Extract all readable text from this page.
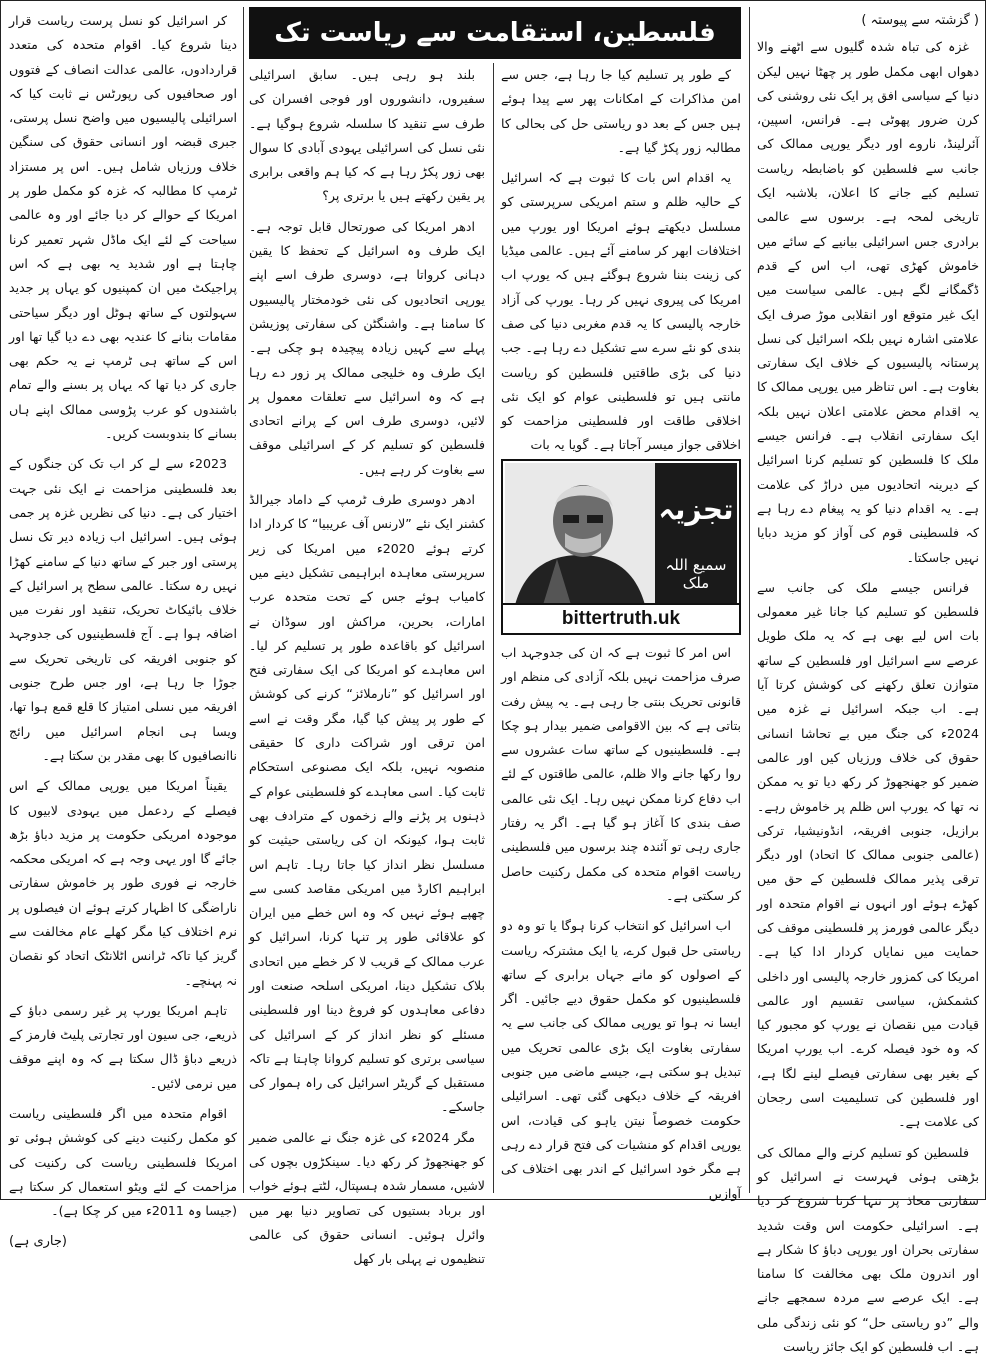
فلسطین، استقامت سے ریاست تک	( گزشتہ سے پیوستہ )

غزہ کی تباہ شدہ گلیوں سے اٹھنے والا دھواں ابھی مکمل طور پر چھٹا نہیں لیکن دنیا کے سیاسی افق پر ایک نئی روشنی کی کرن ضرور پھوٹی ہے۔ فرانس، اسپین، آئرلینڈ، ناروے اور دیگر یورپی ممالک کی جانب سے فلسطین کو باضابطہ ریاست تسلیم کیے جانے کا اعلان، بلاشبہ ایک تاریخی لمحہ ہے۔ برسوں سے عالمی برادری جس اسرائیلی بیانیے کے سائے میں خاموش کھڑی تھی، اب اس کے قدم ڈگمگانے لگے ہیں۔ عالمی سیاست میں ایک غیر متوقع اور انقلابی موڑ صرف ایک علامتی اشارہ نہیں بلکہ اسرائیل کی نسل پرستانہ پالیسیوں کے خلاف ایک سفارتی بغاوت ہے۔ اس تناظر میں یورپی ممالک کا یہ اقدام محض علامتی اعلان نہیں بلکہ ایک سفارتی انقلاب ہے۔ فرانس جیسے ملک کا فلسطین کو تسلیم کرنا اسرائیل کے دیرینہ اتحادیوں میں دراڑ کی علامت ہے۔ یہ اقدام دنیا کو یہ پیغام دے رہا ہے کہ فلسطینی قوم کی آواز کو مزید دبایا نہیں جاسکتا۔

فرانس جیسے ملک کی جانب سے فلسطین کو تسلیم کیا جانا غیر معمولی بات اس لیے بھی ہے کہ یہ ملک طویل عرصے سے اسرائیل اور فلسطین کے ساتھ متوازن تعلق رکھنے کی کوشش کرتا آیا ہے۔ اب جبکہ اسرائیل نے غزہ میں 2024ء کی جنگ میں بے تحاشا انسانی حقوق کی خلاف ورزیاں کیں اور عالمی ضمیر کو جھنجھوڑ کر رکھ دیا تو یہ ممکن نہ تھا کہ یورپ اس ظلم پر خاموش رہے۔ برازیل، جنوبی افریقہ، انڈونیشیا، ترکی (عالمی جنوبی ممالک کا اتحاد) اور دیگر ترقی پذیر ممالک فلسطین کے حق میں کھڑے ہوئے اور انہوں نے اقوام متحدہ اور دیگر عالمی فورمز پر فلسطینی موقف کی حمایت میں نمایاں کردار ادا کیا ہے۔ امریکا کی کمزور خارجہ پالیسی اور داخلی کشمکش، سیاسی تقسیم اور عالمی قیادت میں نقصان نے یورپ کو مجبور کیا کہ وہ خود فیصلہ کرے۔ اب یورپ امریکا کے بغیر بھی سفارتی فیصلے لینے لگا ہے، اور فلسطین کی تسلیمیت اسی رجحان کی علامت ہے۔

فلسطین کو تسلیم کرنے والے ممالک کی بڑھتی ہوئی فہرست نے اسرائیل کو سفارتی محاذ پر تنہا کرنا شروع کر دیا ہے۔ اسرائیلی حکومت اس وقت شدید سفارتی بحران اور یورپی دباؤ کا شکار ہے اور اندرون ملک بھی مخالفت کا سامنا ہے۔ ایک عرصے سے مردہ سمجھے جانے والے ”دو ریاستی حل“ کو نئی زندگی ملی ہے۔ اب فلسطین کو ایک جائز ریاست

کے طور پر تسلیم کیا جا رہا ہے، جس سے امن مذاکرات کے امکانات پھر سے پیدا ہوئے ہیں جس کے بعد دو ریاستی حل کی بحالی کا مطالبہ زور پکڑ گیا ہے۔

یہ اقدام اس بات کا ثبوت ہے کہ اسرائیل کے حالیہ ظلم و ستم امریکی سرپرستی کو مسلسل دیکھتے ہوئے امریکا اور یورپ میں اختلافات ابھر کر سامنے آئے ہیں۔ عالمی میڈیا کی زینت بننا شروع ہوگئے ہیں کہ یورپ اب امریکا کی پیروی نہیں کر رہا۔ یورپ کی آزاد خارجہ پالیسی کا یہ قدم مغربی دنیا کی صف بندی کو نئے سرے سے تشکیل دے رہا ہے۔ جب دنیا کی بڑی طاقتیں فلسطین کو ریاست مانتی ہیں تو فلسطینی عوام کو ایک نئی اخلاقی طاقت اور فلسطینی مزاحمت کو اخلاقی جواز میسر آجاتا ہے۔ گویا یہ بات

تجزیہ
سمیع اللہ ملک
bittertruth.uk

اس امر کا ثبوت ہے کہ ان کی جدوجہد اب صرف مزاحمت نہیں بلکہ آزادی کی منظم اور قانونی تحریک بنتی جا رہی ہے۔ یہ پیش رفت بتاتی ہے کہ بین الاقوامی ضمیر بیدار ہو چکا ہے۔ فلسطینیوں کے ساتھ سات عشروں سے روا رکھا جانے والا ظلم، عالمی طاقتوں کے لئے اب دفاع کرنا ممکن نہیں رہا۔ ایک نئی عالمی صف بندی کا آغاز ہو گیا ہے۔ اگر یہ رفتار جاری رہی تو آئندہ چند برسوں میں فلسطینی ریاست اقوام متحدہ کی مکمل رکنیت حاصل کر سکتی ہے۔

اب اسرائیل کو انتخاب کرنا ہوگا یا تو وہ دو ریاستی حل قبول کرے، یا ایک مشترکہ ریاست کے اصولوں کو مانے جہاں برابری کے ساتھ فلسطینیوں کو مکمل حقوق دیے جائیں۔ اگر ایسا نہ ہوا تو یورپی ممالک کی جانب سے یہ سفارتی بغاوت ایک بڑی عالمی تحریک میں تبدیل ہو سکتی ہے، جیسے ماضی میں جنوبی افریقہ کے خلاف دیکھی گئی تھی۔ اسرائیلی حکومت خصوصاً نیتن یاہو کی قیادت، اس یورپی اقدام کو منشیات کی فتح قرار دے رہی ہے مگر خود اسرائیل کے اندر بھی اختلاف کی آوازیں

بلند ہو رہی ہیں۔ سابق اسرائیلی سفیروں، دانشوروں اور فوجی افسران کی طرف سے تنقید کا سلسلہ شروع ہوگیا ہے۔ نئی نسل کی اسرائیلی یہودی آبادی کا سوال بھی زور پکڑ رہا ہے کہ کیا ہم واقعی برابری پر یقین رکھتے ہیں یا برتری پر؟

ادھر امریکا کی صورتحال قابل توجہ ہے۔ ایک طرف وہ اسرائیل کے تحفظ کا یقین دہانی کرواتا ہے، دوسری طرف اسے اپنے یورپی اتحادیوں کی نئی خودمختار پالیسیوں کا سامنا ہے۔ واشنگٹن کی سفارتی پوزیشن پہلے سے کہیں زیادہ پیچیدہ ہو چکی ہے۔ ایک طرف وہ خلیجی ممالک پر زور دے رہا ہے کہ وہ اسرائیل سے تعلقات معمول پر لائیں، دوسری طرف اس کے پرانے اتحادی فلسطین کو تسلیم کر کے اسرائیلی موقف سے بغاوت کر رہے ہیں۔

ادھر دوسری طرف ٹرمپ کے داماد جیرالڈ کشنر ایک نئے ”لارنس آف عریبیا“ کا کردار ادا کرتے ہوئے 2020ء میں امریکا کی زیر سرپرستی معاہدہ ابراہیمی تشکیل دینے میں کامیاب ہوئے جس کے تحت متحدہ عرب امارات، بحرین، مراکش اور سوڈان نے اسرائیل کو باقاعدہ طور پر تسلیم کر لیا۔ اس معاہدے کو امریکا کی ایک سفارتی فتح اور اسرائیل کو ”نارملائز“ کرنے کی کوشش کے طور پر پیش کیا گیا، مگر وقت نے اسے امن ترقی اور شراکت داری کا حقیقی منصوبہ نہیں، بلکہ ایک مصنوعی استحکام ثابت کیا۔ اسی معاہدے کو فلسطینی عوام کے ذہنوں پر پڑنے والے زخموں کے مترادف بھی ثابت ہوا، کیونکہ ان کی ریاستی حیثیت کو مسلسل نظر انداز کیا جاتا رہا۔ تاہم اس ابراہیم اکارڈ میں امریکی مقاصد کسی سے چھپے ہوئے نہیں کہ وہ اس خطے میں ایران کو علاقائی طور پر تنہا کرنا، اسرائیل کو عرب ممالک کے قریب لا کر خطے میں اتحادی بلاک تشکیل دینا، امریکی اسلحہ صنعت اور دفاعی معاہدوں کو فروغ دینا اور فلسطینی مسئلے کو نظر انداز کر کے اسرائیل کی سیاسی برتری کو تسلیم کروانا چاہتا ہے تاکہ مستقبل کے گریٹر اسرائیل کی راہ ہموار کی جاسکے۔

مگر 2024ء کی غزہ جنگ نے عالمی ضمیر کو جھنجھوڑ کر رکھ دیا۔ سینکڑوں بچوں کی لاشیں، مسمار شدہ ہسپتال، لٹتے ہوئے خواب اور برباد بستیوں کی تصاویر دنیا بھر میں وائرل ہوئیں۔ انسانی حقوق کی عالمی تنظیموں نے پہلی بار کھل

کر اسرائیل کو نسل پرست ریاست قرار دینا شروع کیا۔ اقوام متحدہ کی متعدد قراردادوں، عالمی عدالت انصاف کے فتووں اور صحافیوں کی رپورٹس نے ثابت کیا کہ اسرائیلی پالیسیوں میں واضح نسل پرستی، جبری قبضہ اور انسانی حقوق کی سنگین خلاف ورزیاں شامل ہیں۔ اس پر مستزاد ٹرمپ کا مطالبہ کہ غزہ کو مکمل طور پر امریکا کے حوالے کر دیا جائے اور وہ عالمی سیاحت کے لئے ایک ماڈل شہر تعمیر کرنا چاہتا ہے اور شدید یہ بھی ہے کہ اس پراجیکٹ میں ان کمپنیوں کو یہاں پر جدید سہولتوں کے ساتھ ہوٹل اور دیگر سیاحتی مقامات بنانے کا عندیہ بھی دے دیا گیا تھا اور اس کے ساتھ ہی ٹرمپ نے یہ حکم بھی جاری کر دیا تھا کہ یہاں پر بسنے والے تمام باشندوں کو عرب پڑوسی ممالک اپنے ہاں بسانے کا بندوبست کریں۔

2023ء سے لے کر اب تک کن جنگوں کے بعد فلسطینی مزاحمت نے ایک نئی جہت اختیار کی ہے۔ دنیا کی نظریں غزہ پر جمی ہوئی ہیں۔ اسرائیل اب زیادہ دیر تک نسل پرستی اور جبر کے ساتھ دنیا کے سامنے کھڑا نہیں رہ سکتا۔ عالمی سطح پر اسرائیل کے خلاف بائیکاٹ تحریک، تنقید اور نفرت میں اضافہ ہوا ہے۔ آج فلسطینیوں کی جدوجہد کو جنوبی افریقہ کی تاریخی تحریک سے جوڑا جا رہا ہے، اور جس طرح جنوبی افریقہ میں نسلی امتیاز کا قلع قمع ہوا تھا، ویسا ہی انجام اسرائیل میں رائج ناانصافیوں کا بھی مقدر بن سکتا ہے۔

یقیناً امریکا میں یورپی ممالک کے اس فیصلے کے ردعمل میں یہودی لابیوں کا موجودہ امریکی حکومت پر مزید دباؤ بڑھ جائے گا اور یہی وجہ ہے کہ امریکی محکمہ خارجہ نے فوری طور پر خاموش سفارتی ناراضگی کا اظہار کرتے ہوئے ان فیصلوں پر نرم اختلاف کیا مگر کھلے عام مخالفت سے گریز کیا تاکہ ٹرانس اٹلانٹک اتحاد کو نقصان نہ پہنچے۔

تاہم امریکا یورپ پر غیر رسمی دباؤ کے ذریعے، جی سیون اور تجارتی پلیٹ فارمز کے ذریعے دباؤ ڈال سکتا ہے کہ وہ اپنے موقف میں نرمی لائیں۔

اقوام متحدہ میں اگر فلسطینی ریاست کو مکمل رکنیت دینے کی کوشش ہوئی تو امریکا فلسطینی ریاست کی رکنیت کی مزاحمت کے لئے ویٹو استعمال کر سکتا ہے (جیسا وہ 2011ء میں کر چکا ہے)۔

(جاری ہے)
